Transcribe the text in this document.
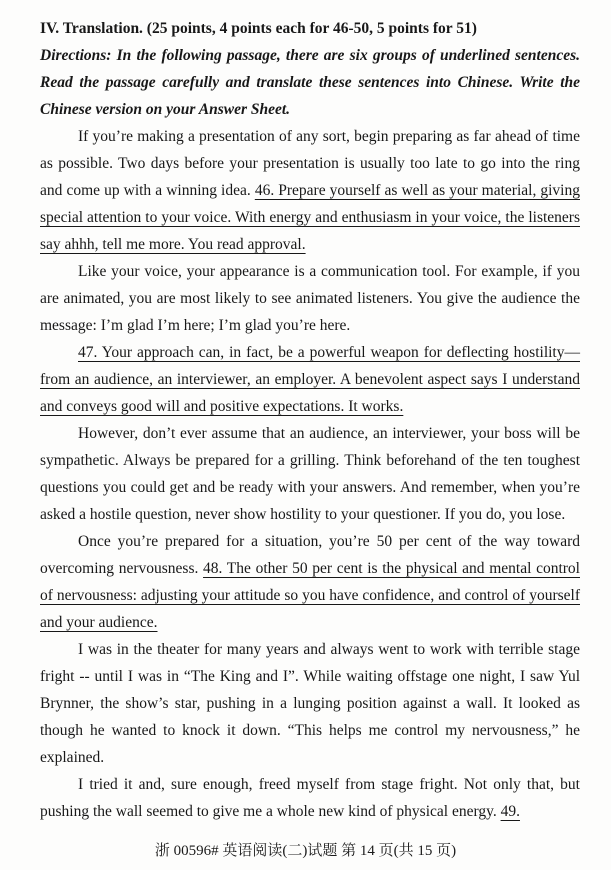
IV. Translation. (25 points, 4 points each for 46-50, 5 points for 51)
Directions: In the following passage, there are six groups of underlined sentences. Read the passage carefully and translate these sentences into Chinese. Write the Chinese version on your Answer Sheet.

If you’re making a presentation of any sort, begin preparing as far ahead of time as possible. Two days before your presentation is usually too late to go into the ring and come up with a winning idea. 46. Prepare yourself as well as your material, giving special attention to your voice. With energy and enthusiasm in your voice, the listeners say ahhh, tell me more. You read approval.

Like your voice, your appearance is a communication tool. For example, if you are animated, you are most likely to see animated listeners. You give the audience the message: I’m glad I’m here; I’m glad you’re here.

47. Your approach can, in fact, be a powerful weapon for deflecting hostility—from an audience, an interviewer, an employer. A benevolent aspect says I understand and conveys good will and positive expectations. It works.

However, don’t ever assume that an audience, an interviewer, your boss will be sympathetic. Always be prepared for a grilling. Think beforehand of the ten toughest questions you could get and be ready with your answers. And remember, when you’re asked a hostile question, never show hostility to your questioner. If you do, you lose.

Once you’re prepared for a situation, you’re 50 per cent of the way toward overcoming nervousness. 48. The other 50 per cent is the physical and mental control of nervousness: adjusting your attitude so you have confidence, and control of yourself and your audience.

I was in the theater for many years and always went to work with terrible stage fright -- until I was in “The King and I”. While waiting offstage one night, I saw Yul Brynner, the show’s star, pushing in a lunging position against a wall. It looked as though he wanted to knock it down. “This helps me control my nervousness,” he explained.

I tried it and, sure enough, freed myself from stage fright. Not only that, but pushing the wall seemed to give me a whole new kind of physical energy. 49.

浙 00596# 英语阅读(二)试题 第 14 页(共 15 页)
